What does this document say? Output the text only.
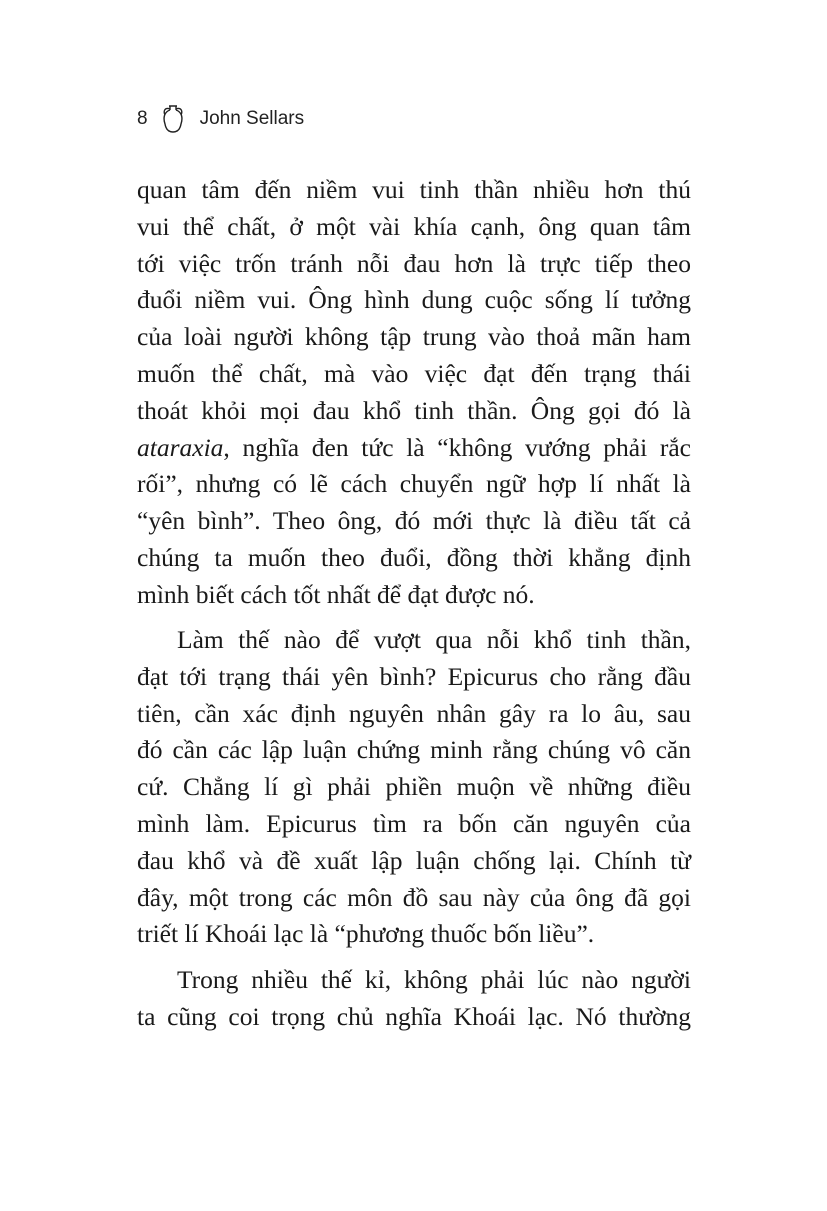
8	John Sellars
quan tâm đến niềm vui tinh thần nhiều hơn thú
vui thể chất, ở một vài khía cạnh, ông quan tâm
tới việc trốn tránh nỗi đau hơn là trực tiếp theo
đuổi niềm vui. Ông hình dung cuộc sống lí tưởng
của loài người không tập trung vào thoả mãn ham
muốn thể chất, mà vào việc đạt đến trạng thái
thoát khỏi mọi đau khổ tinh thần. Ông gọi đó là
ataraxia, nghĩa đen tức là “không vướng phải rắc
rối”, nhưng có lẽ cách chuyển ngữ hợp lí nhất là
“yên bình”. Theo ông, đó mới thực là điều tất cả
chúng ta muốn theo đuổi, đồng thời khẳng định
mình biết cách tốt nhất để đạt được nó.
Làm thế nào để vượt qua nỗi khổ tinh thần,
đạt tới trạng thái yên bình? Epicurus cho rằng đầu
tiên, cần xác định nguyên nhân gây ra lo âu, sau
đó cần các lập luận chứng minh rằng chúng vô căn
cứ. Chẳng lí gì phải phiền muộn về những điều
mình làm. Epicurus tìm ra bốn căn nguyên của
đau khổ và đề xuất lập luận chống lại. Chính từ
đây, một trong các môn đồ sau này của ông đã gọi
triết lí Khoái lạc là “phương thuốc bốn liều”.
Trong nhiều thế kỉ, không phải lúc nào người
ta cũng coi trọng chủ nghĩa Khoái lạc. Nó thường
